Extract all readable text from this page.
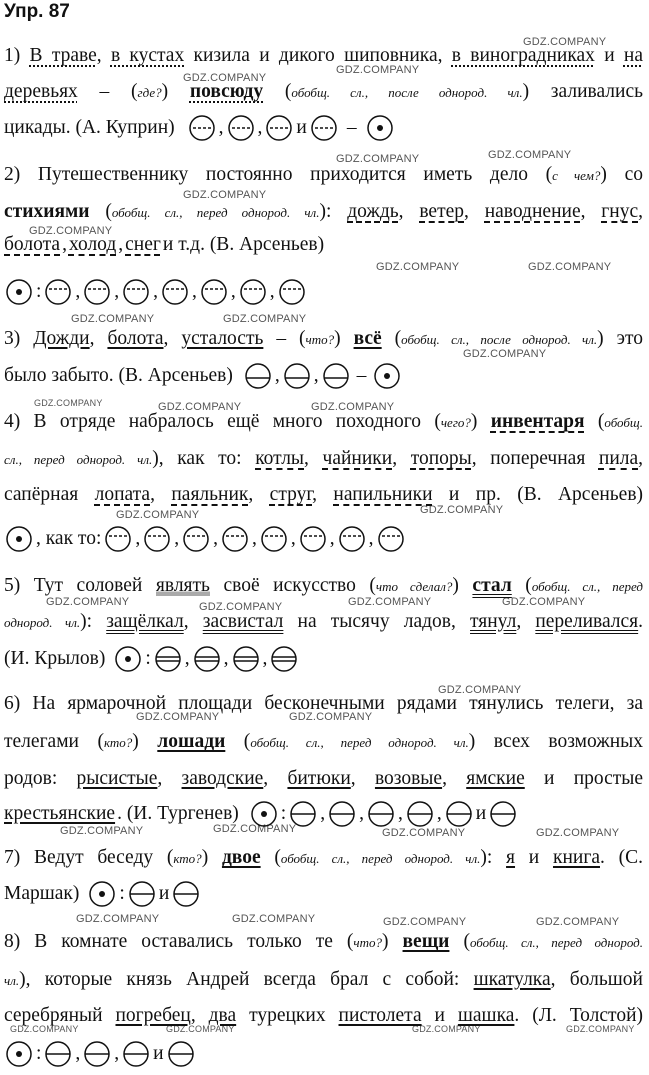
GDZ.COMPANY
GDZ.COMPANY
GDZ.COMPANY
GDZ.COMPANY	GDZ.COMPANY
GDZ.COMPANY
GDZ.COMPANY
GDZ.COMPANY	GDZ.COMPANY
GDZ.COMPANY	GDZ.COMPANY
GDZ.COMPANY
GDZ.COMPANY	GDZ.COMPANY	GDZ.COMPANY
GDZ.COMPANY	GDZ.COMPANY
GDZ.COMPANY	GDZ.COMPANY
GDZ.COMPANY	GDZ.COMPANY
GDZ.COMPANY
GDZ.COMPANY	GDZ.COMPANY
GDZ.COMPANY	GDZ.COMPANY	GDZ.COMPANY	GDZ.COMPANY
GDZ.COMPANY	GDZ.COMPANY	GDZ.COMPANY	GDZ.COMPANY
GDZ.COMPANY	GDZ.COMPANY	GDZ.COMPANY	GDZ.COMPANY
Упр. 87
1) В траве, в кустах кизила и дикого шиповника, в виноградниках и на
деревьях – (где?) повсюду (обобщ. сл., после однород. чл.) заливались
цикады. (А. Куприн) , , и –
2) Путешественнику постоянно приходится иметь дело (с чем?) со
стихиями (обобщ. сл., перед однород. чл.): дождь, ветер, наводнение, гнус,
болота , холод , снег и т.д. (В. Арсеньев)
: , , , , , ,
3) Дожди, болота, усталость – (что?) всё (обобщ. сл., после однород. чл.) это
было забыто. (В. Арсеньев) , , –
4) В отряде набралось ещё много походного (чего?) инвентаря (обобщ.
сл., перед однород. чл.), как то: котлы, чайники, топоры, поперечная пила,
сапёрная лопата, паяльник, струг, напильники и пр. (В. Арсеньев)
, как то: , , , , , , ,
5) Тут соловей являть своё искусство (что сделал?) стал (обобщ. сл., перед
однород. чл.): защёлкал, засвистал на тысячу ладов, тянул, переливался.
(И. Крылов) : , , ,
6) На ярмарочной площади бесконечными рядами тянулись телеги, за
телегами (кто?) лошади (обобщ. сл., перед однород. чл.) всех возможных
родов: рысистые, заводские, битюки, возовые, ямские и простые
крестьянские . (И. Тургенев) : , , , , и
7) Ведут беседу (кто?) двое (обобщ. сл., перед однород. чл.): я и книга. (С.
Маршак) : и
8) В комнате оставались только те (что?) вещи (обобщ. сл., перед однород.
чл.), которые князь Андрей всегда брал с собой: шкатулка, большой
серебряный погребец, два турецких пистолета и шашка. (Л. Толстой)
: , , и
